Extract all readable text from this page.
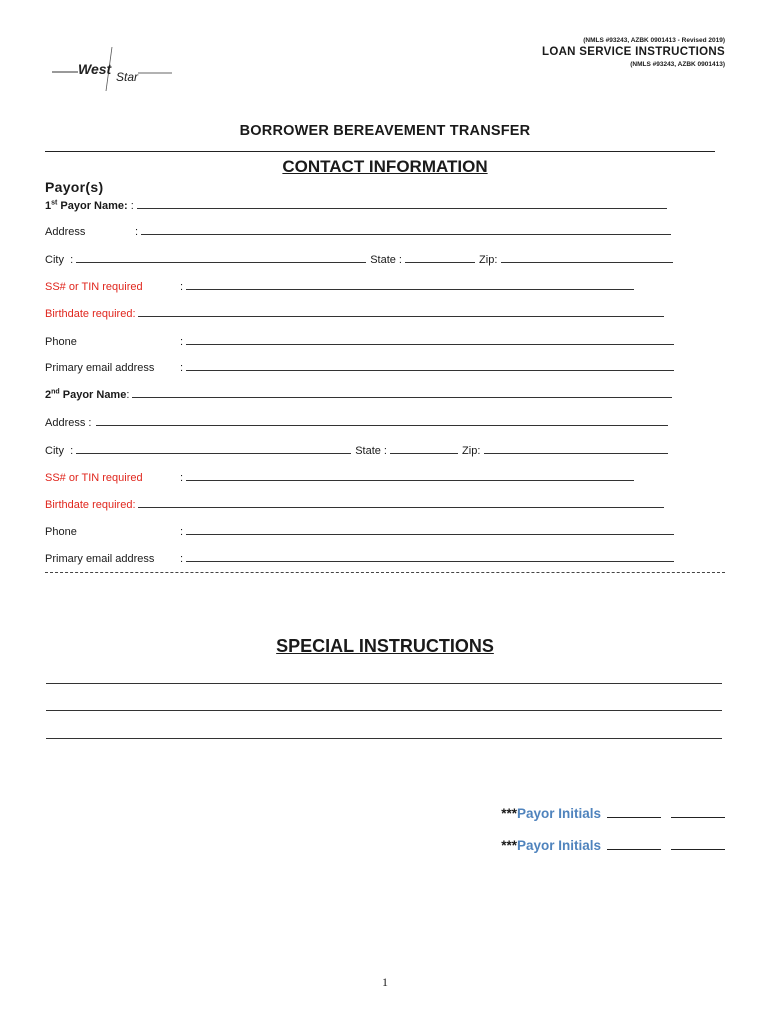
(NMLS #93243, AZBK 0901413 - Revised 2019)
LOAN SERVICE INSTRUCTIONS
(NMLS #93243, AZBK 0901413)
West Star
BORROWER BEREAVEMENT TRANSFER
CONTACT INFORMATION
Payor(s)
1st Payor Name: :
Address	:
City :	State :	Zip:
SS# or TIN required	:
Birthdate required:
Phone	:
Primary email address	:
2nd Payor Name :
Address :
City :	State :	Zip:
SS# or TIN required	:
Birthdate required:
Phone	:
Primary email address	:
SPECIAL INSTRUCTIONS
*** Payor Initials
*** Payor Initials
1
